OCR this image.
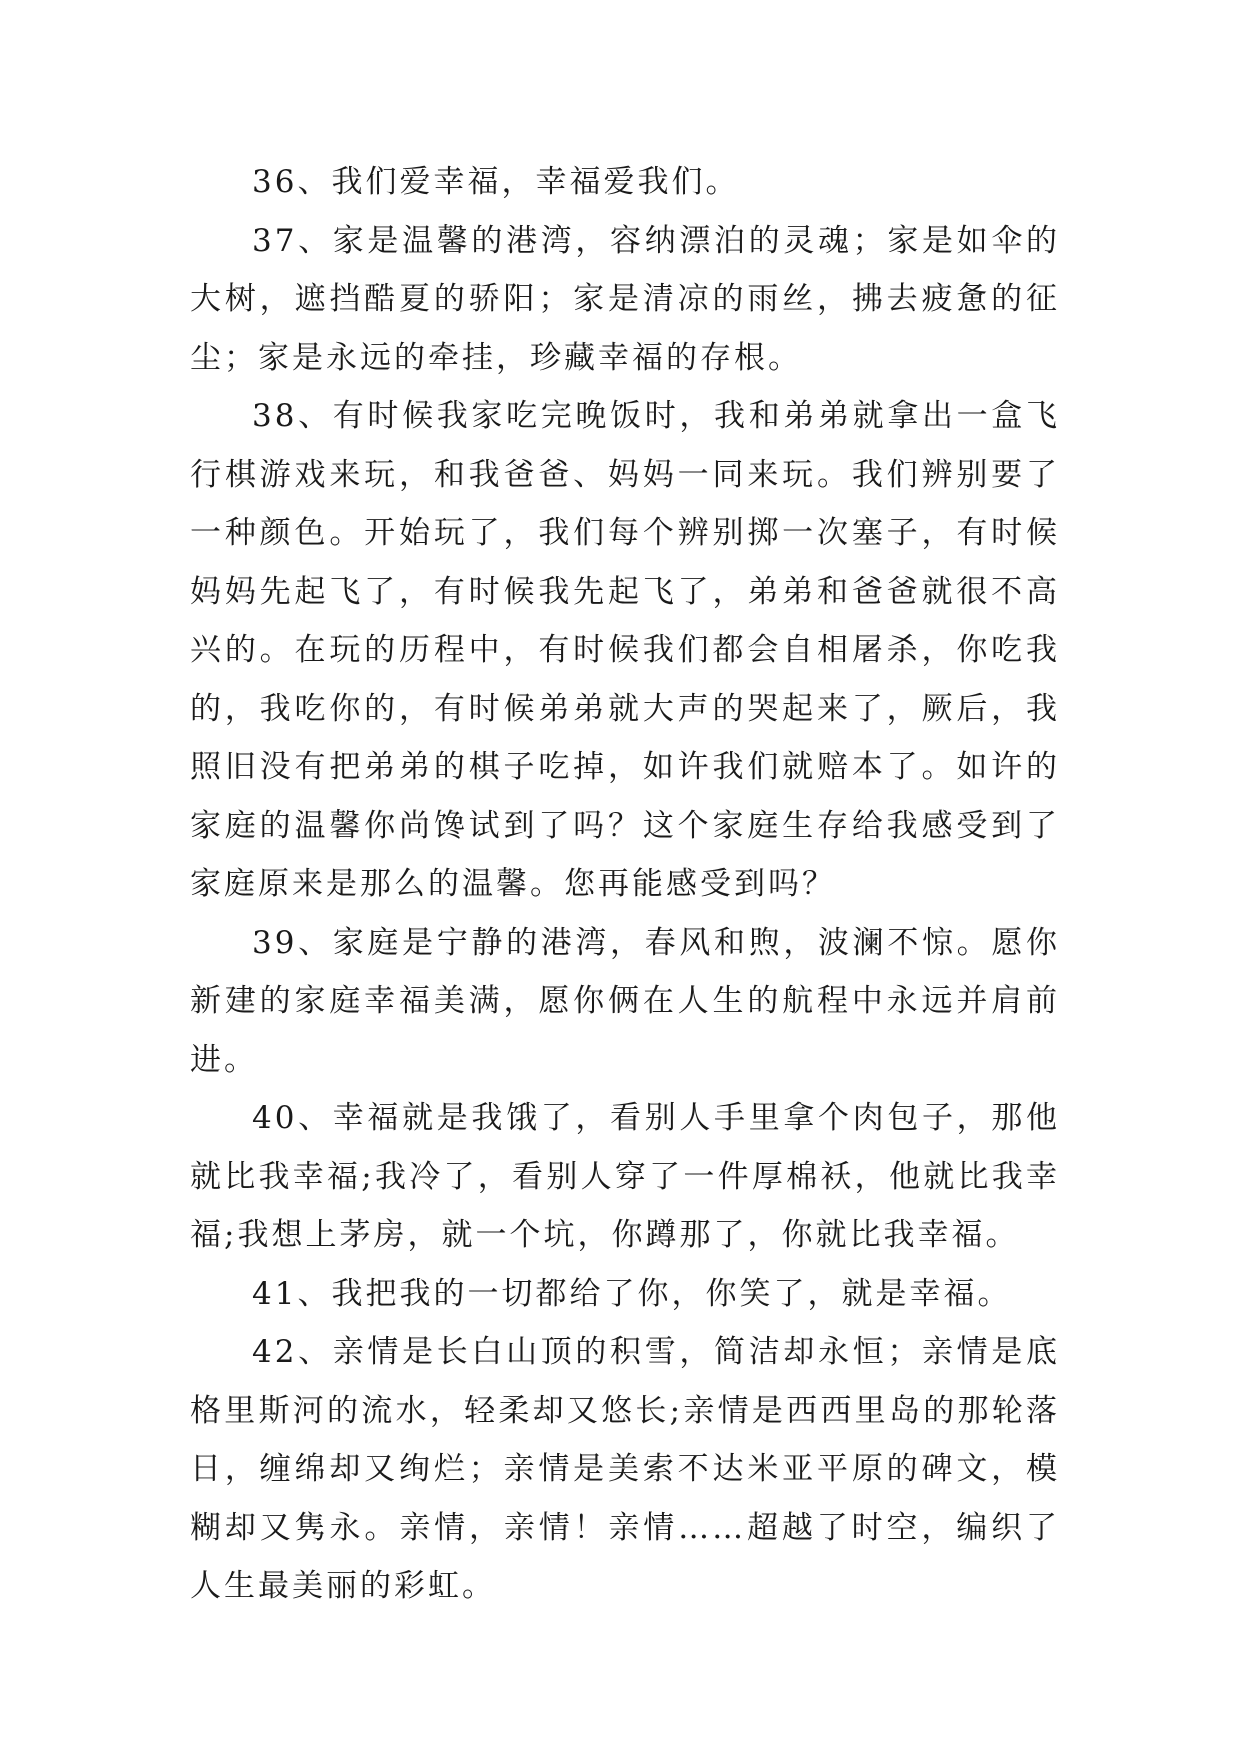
36、我们爱幸福，幸福爱我们。

37、家是温馨的港湾，容纳漂泊的灵魂；家是如伞的大树，遮挡酷夏的骄阳；家是清凉的雨丝，拂去疲惫的征尘；家是永远的牵挂，珍藏幸福的存根。

38、有时候我家吃完晚饭时，我和弟弟就拿出一盒飞行棋游戏来玩，和我爸爸、妈妈一同来玩。我们辨别要了一种颜色。开始玩了，我们每个辨别掷一次塞子，有时候妈妈先起飞了，有时候我先起飞了，弟弟和爸爸就很不高兴的。在玩的历程中，有时候我们都会自相屠杀，你吃我的，我吃你的，有时候弟弟就大声的哭起来了，厥后，我照旧没有把弟弟的棋子吃掉，如许我们就赔本了。如许的家庭的温馨你尚馋试到了吗？这个家庭生存给我感受到了家庭原来是那么的温馨。您再能感受到吗？

39、家庭是宁静的港湾，春风和煦，波澜不惊。愿你新建的家庭幸福美满，愿你俩在人生的航程中永远并肩前进。

40、幸福就是我饿了，看别人手里拿个肉包子，那他就比我幸福;我冷了，看别人穿了一件厚棉袄，他就比我幸福;我想上茅房，就一个坑，你蹲那了，你就比我幸福。

41、我把我的一切都给了你，你笑了，就是幸福。

42、亲情是长白山顶的积雪，简洁却永恒；亲情是底格里斯河的流水，轻柔却又悠长;亲情是西西里岛的那轮落日，缠绵却又绚烂；亲情是美索不达米亚平原的碑文，模糊却又隽永。亲情，亲情！亲情……超越了时空，编织了人生最美丽的彩虹。
